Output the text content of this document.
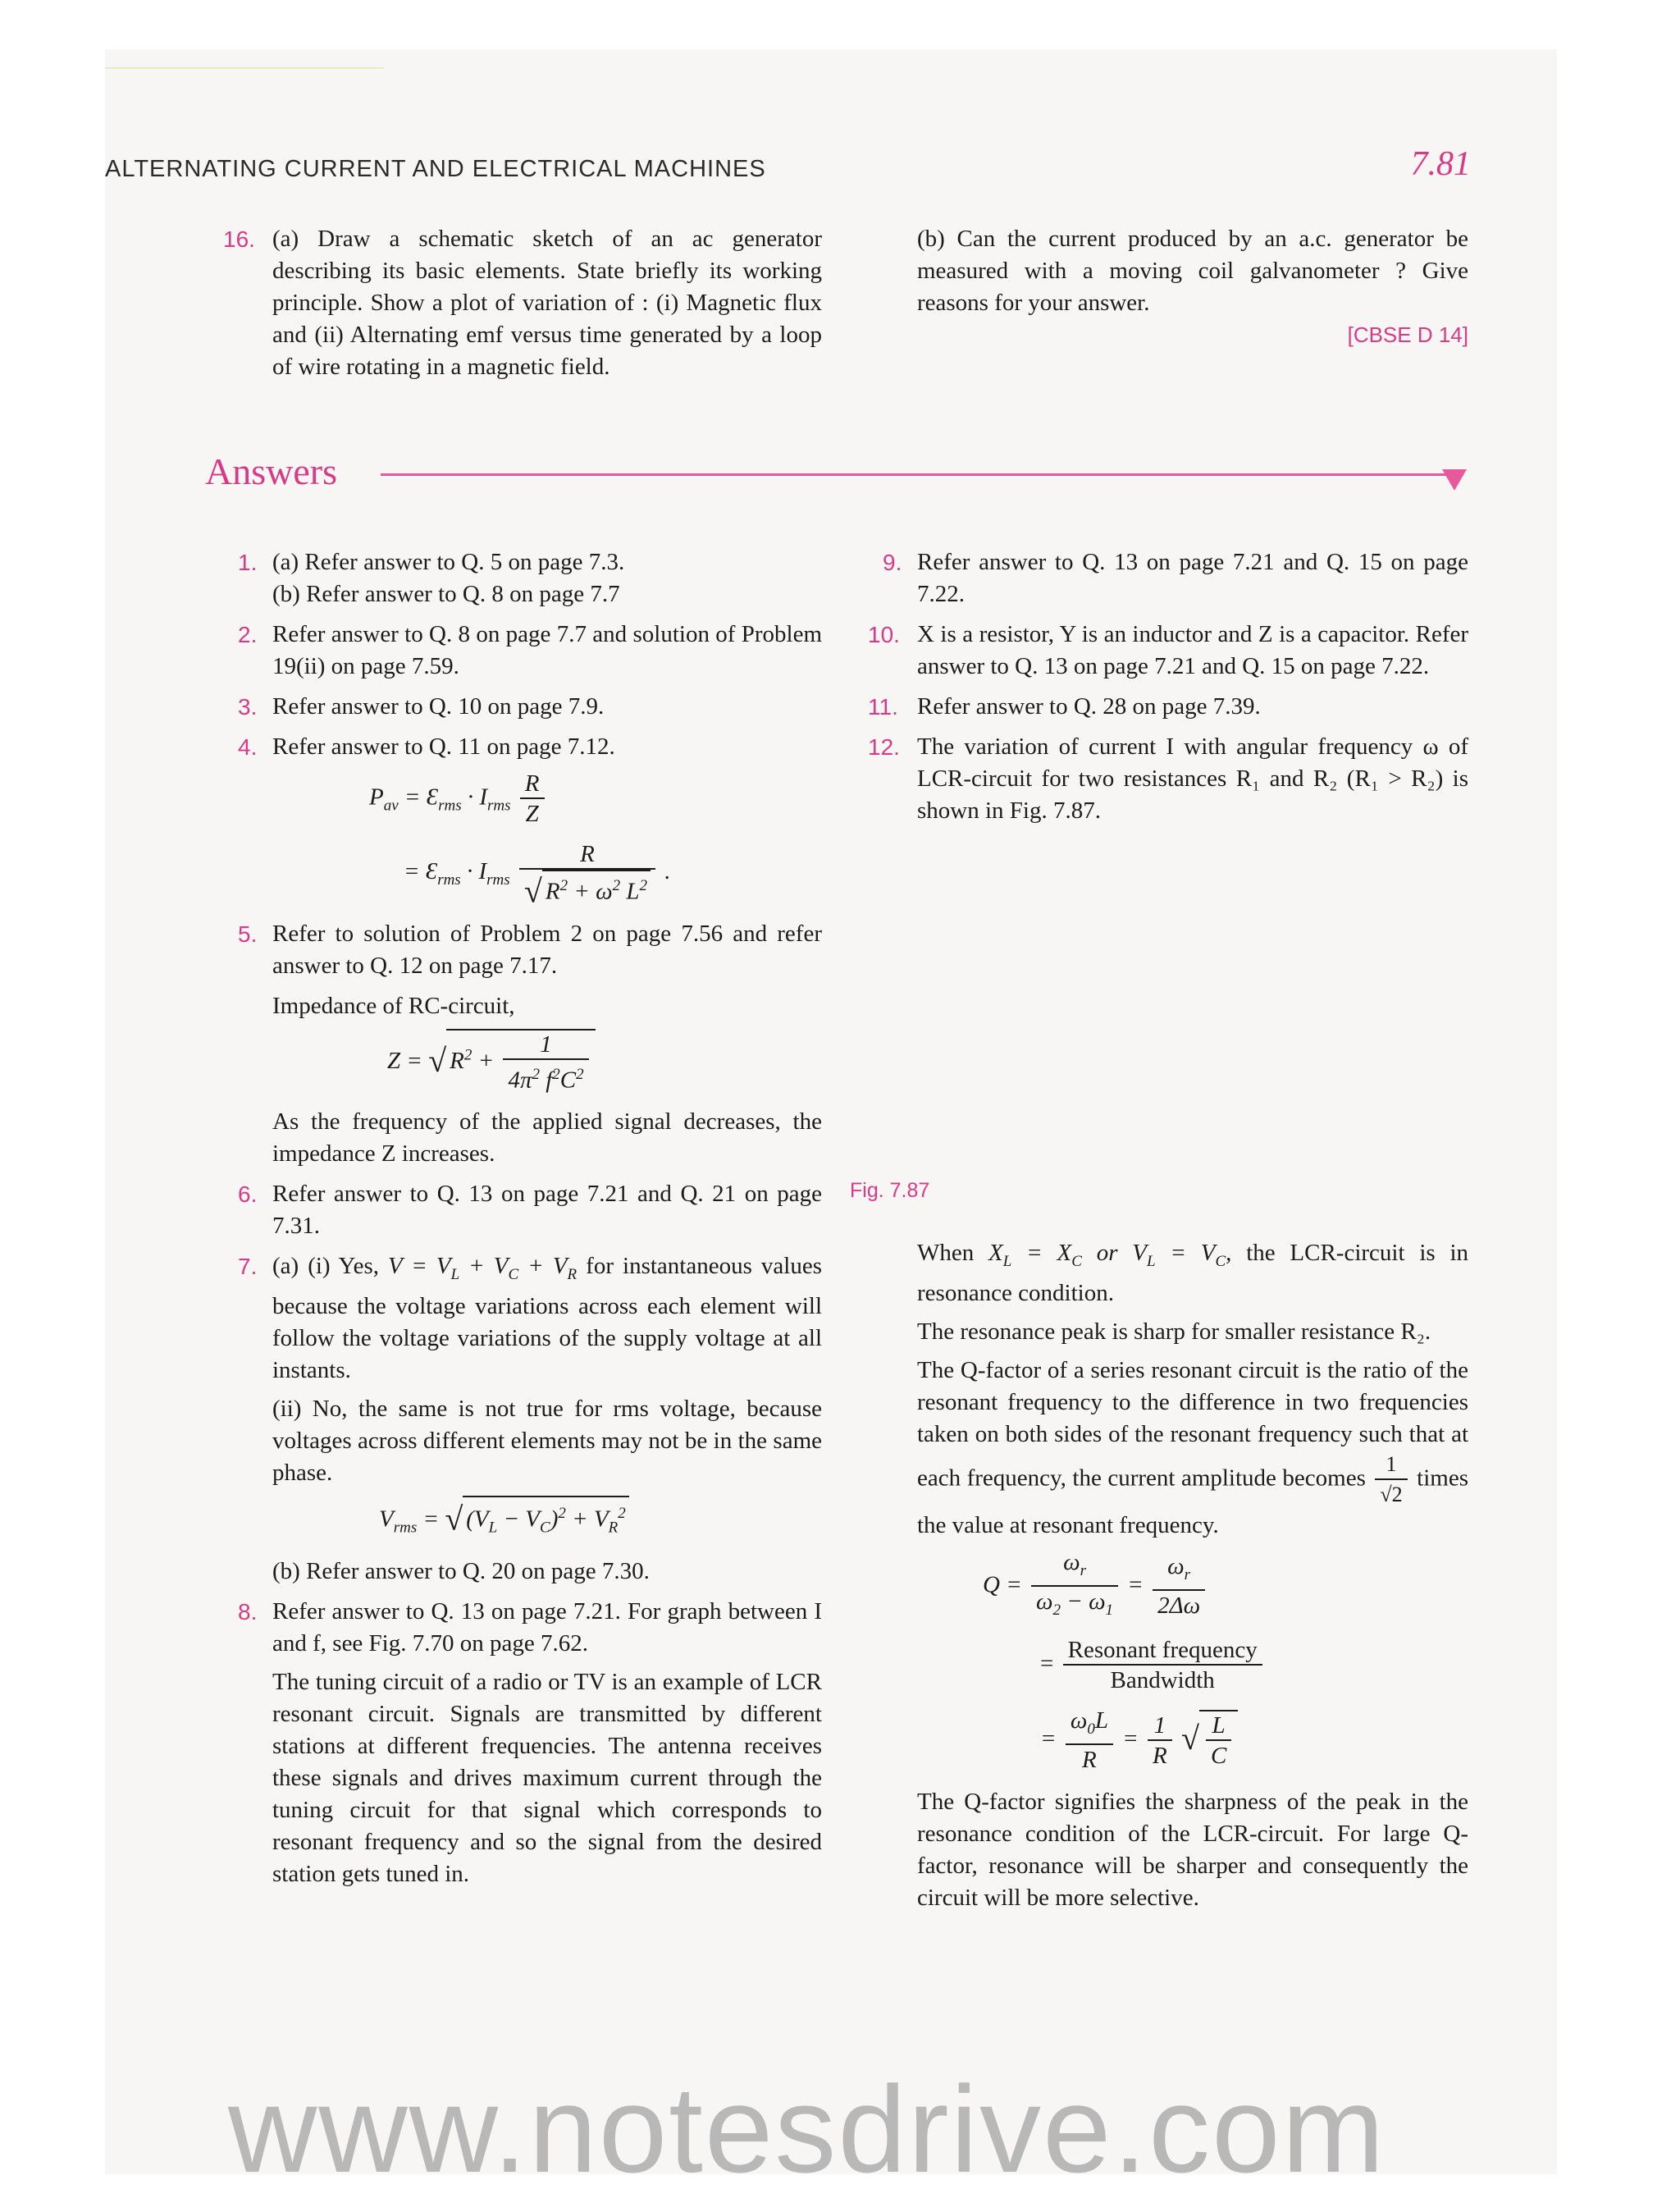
ALTERNATING CURRENT AND ELECTRICAL MACHINES	7.81
16. (a) Draw a schematic sketch of an ac generator describing its basic elements. State briefly its working principle. Show a plot of variation of : (i) Magnetic flux and (ii) Alternating emf versus time generated by a loop of wire rotating in a magnetic field.
(b) Can the current produced by an a.c. generator be measured with a moving coil galvanometer ? Give reasons for your answer.
[CBSE D 14]
Answers
1. (a) Refer answer to Q. 5 on page 7.3.
(b) Refer answer to Q. 8 on page 7.7
2. Refer answer to Q. 8 on page 7.7 and solution of Problem 19(ii) on page 7.59.
3. Refer answer to Q. 10 on page 7.9.
4. Refer answer to Q. 11 on page 7.12.
$P_{av}$ = $Ɛ_{rms} \cdot I_{rms} \frac{R}{Z}$
= $Ɛ_{rms} \cdot I_{rms} \frac{R}{√ R^2 + \omega^2 L^2}$ .
5. Refer to solution of Problem 2 on page 7.56 and refer answer to Q. 12 on page 7.17.
Impedance of RC-circuit,
Z = √ $R^2 + \frac{1}{4\pi^2 f^2C^2}$
As the frequency of the applied signal decreases, the impedance Z increases.
6. Refer answer to Q. 13 on page 7.21 and Q. 21 on page 7.31.
7. (a) (i) Yes, $V = V_L + V_C + V_R$ for instantaneous values because the voltage variations across each element will follow the voltage variations of the supply voltage at all instants.
(ii) No, the same is not true for rms voltage, because voltages across different elements may not be in the same phase.
$V_{rms}$ = √ $(V_L - V_C)^2 + V_R^2$
(b) Refer answer to Q. 20 on page 7.30.
8. Refer answer to Q. 13 on page 7.21. For graph between I and f, see Fig. 7.70 on page 7.62.
The tuning circuit of a radio or TV is an example of LCR resonant circuit. Signals are transmitted by different stations at different frequencies. The antenna receives these signals and drives maximum current through the tuning circuit for that signal which corresponds to resonant frequency and so the signal from the desired station gets tuned in.
9. Refer answer to Q. 13 on page 7.21 and Q. 15 on page 7.22.
10. X is a resistor, Y is an inductor and Z is a capacitor. Refer answer to Q. 13 on page 7.21 and Q. 15 on page 7.22.
11. Refer answer to Q. 28 on page 7.39.
12. The variation of current I with angular frequency ω of LCR-circuit for two resistances R₁ and R₂ (R₁ > R₂) is shown in Fig. 7.87.
Fig. 7.87
When $X_L = X_C$ or $V_L = V_C$, the LCR-circuit is in resonance condition.
The resonance peak is sharp for smaller resistance R₂.
The Q-factor of a series resonant circuit is the ratio of the resonant frequency to the difference in two frequencies taken on both sides of the resonant frequency such that at each frequency, the current amplitude becomes $\frac{1}{√2}$ times the value at resonant frequency.
$Q = \frac{\omega_r}{\omega_2 - \omega_1} = \frac{\omega_r}{2\Delta\omega}$
= $\frac{\text{Resonant frequency}}{\text{Bandwidth}}$
= $\frac{\omega_0L}{R} = \frac{1}{R}$ √ $\frac{L}{C}$
The Q-factor signifies the sharpness of the peak in the resonance condition of the LCR-circuit. For large Q-factor, resonance will be sharper and consequently the circuit will be more selective.
www.notesdrive.com
